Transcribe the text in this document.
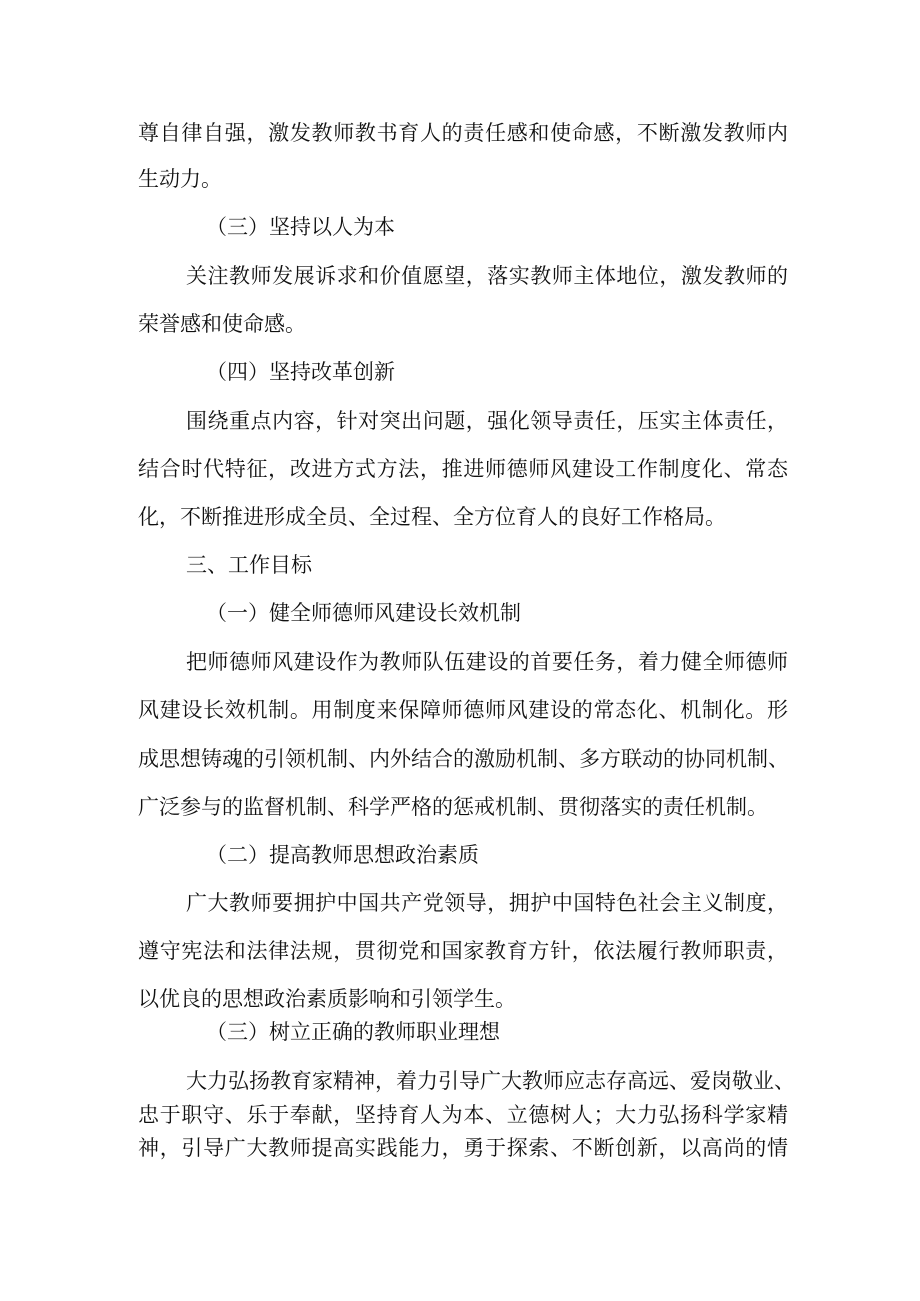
尊自律自强，激发教师教书育人的责任感和使命感，不断激发教师内
生动力。
（三）坚持以人为本
关注教师发展诉求和价值愿望，落实教师主体地位，激发教师的
荣誉感和使命感。
（四）坚持改革创新
围绕重点内容，针对突出问题，强化领导责任，压实主体责任，
结合时代特征，改进方式方法，推进师德师风建设工作制度化、常态
化，不断推进形成全员、全过程、全方位育人的良好工作格局。
三、工作目标
（一）健全师德师风建设长效机制
把师德师风建设作为教师队伍建设的首要任务，着力健全师德师
风建设长效机制。用制度来保障师德师风建设的常态化、机制化。形
成思想铸魂的引领机制、内外结合的激励机制、多方联动的协同机制、
广泛参与的监督机制、科学严格的惩戒机制、贯彻落实的责任机制。
（二）提高教师思想政治素质
广大教师要拥护中国共产党领导，拥护中国特色社会主义制度，
遵守宪法和法律法规，贯彻党和国家教育方针，依法履行教师职责，
以优良的思想政治素质影响和引领学生。
（三）树立正确的教师职业理想
大力弘扬教育家精神，着力引导广大教师应志存高远、爱岗敬业、
忠于职守、乐于奉献，坚持育人为本、立德树人；大力弘扬科学家精
神，引导广大教师提高实践能力，勇于探索、不断创新，以高尚的情
